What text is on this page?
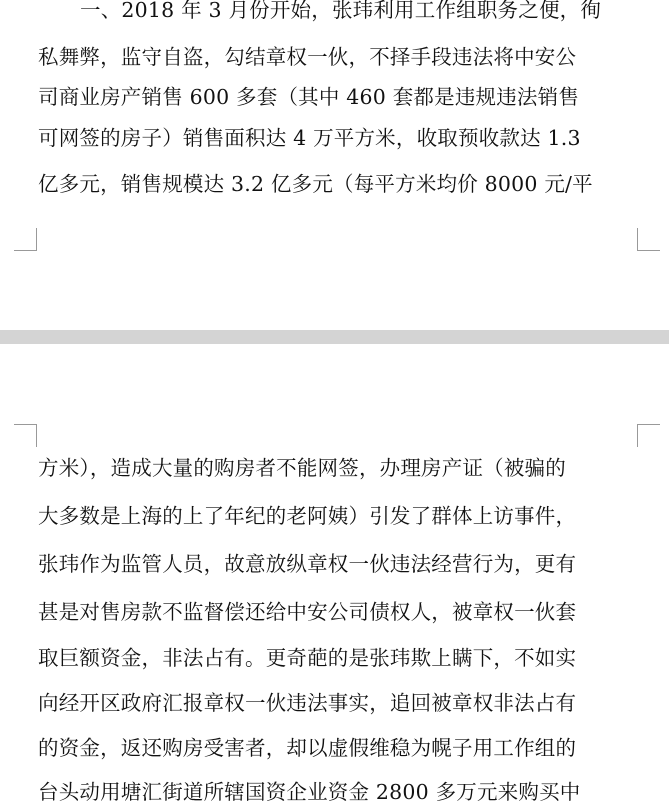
一、2018 年 3 月份开始，张玮利用工作组职务之便，徇
私舞弊，监守自盗，勾结章权一伙，不择手段违法将中安公
司商业房产销售 600 多套（其中 460 套都是违规违法销售
可网签的房子）销售面积达 4 万平方米，收取预收款达 1.3
亿多元，销售规模达 3.2 亿多元（每平方米均价 8000 元/平
方米），造成大量的购房者不能网签，办理房产证（被骗的
大多数是上海的上了年纪的老阿姨）引发了群体上访事件，
张玮作为监管人员，故意放纵章权一伙违法经营行为，更有
甚是对售房款不监督偿还给中安公司债权人，被章权一伙套
取巨额资金，非法占有。更奇葩的是张玮欺上瞒下，不如实
向经开区政府汇报章权一伙违法事实，追回被章权非法占有
的资金，返还购房受害者，却以虚假维稳为幌子用工作组的
台头动用塘汇街道所辖国资企业资金 2800 多万元来购买中
